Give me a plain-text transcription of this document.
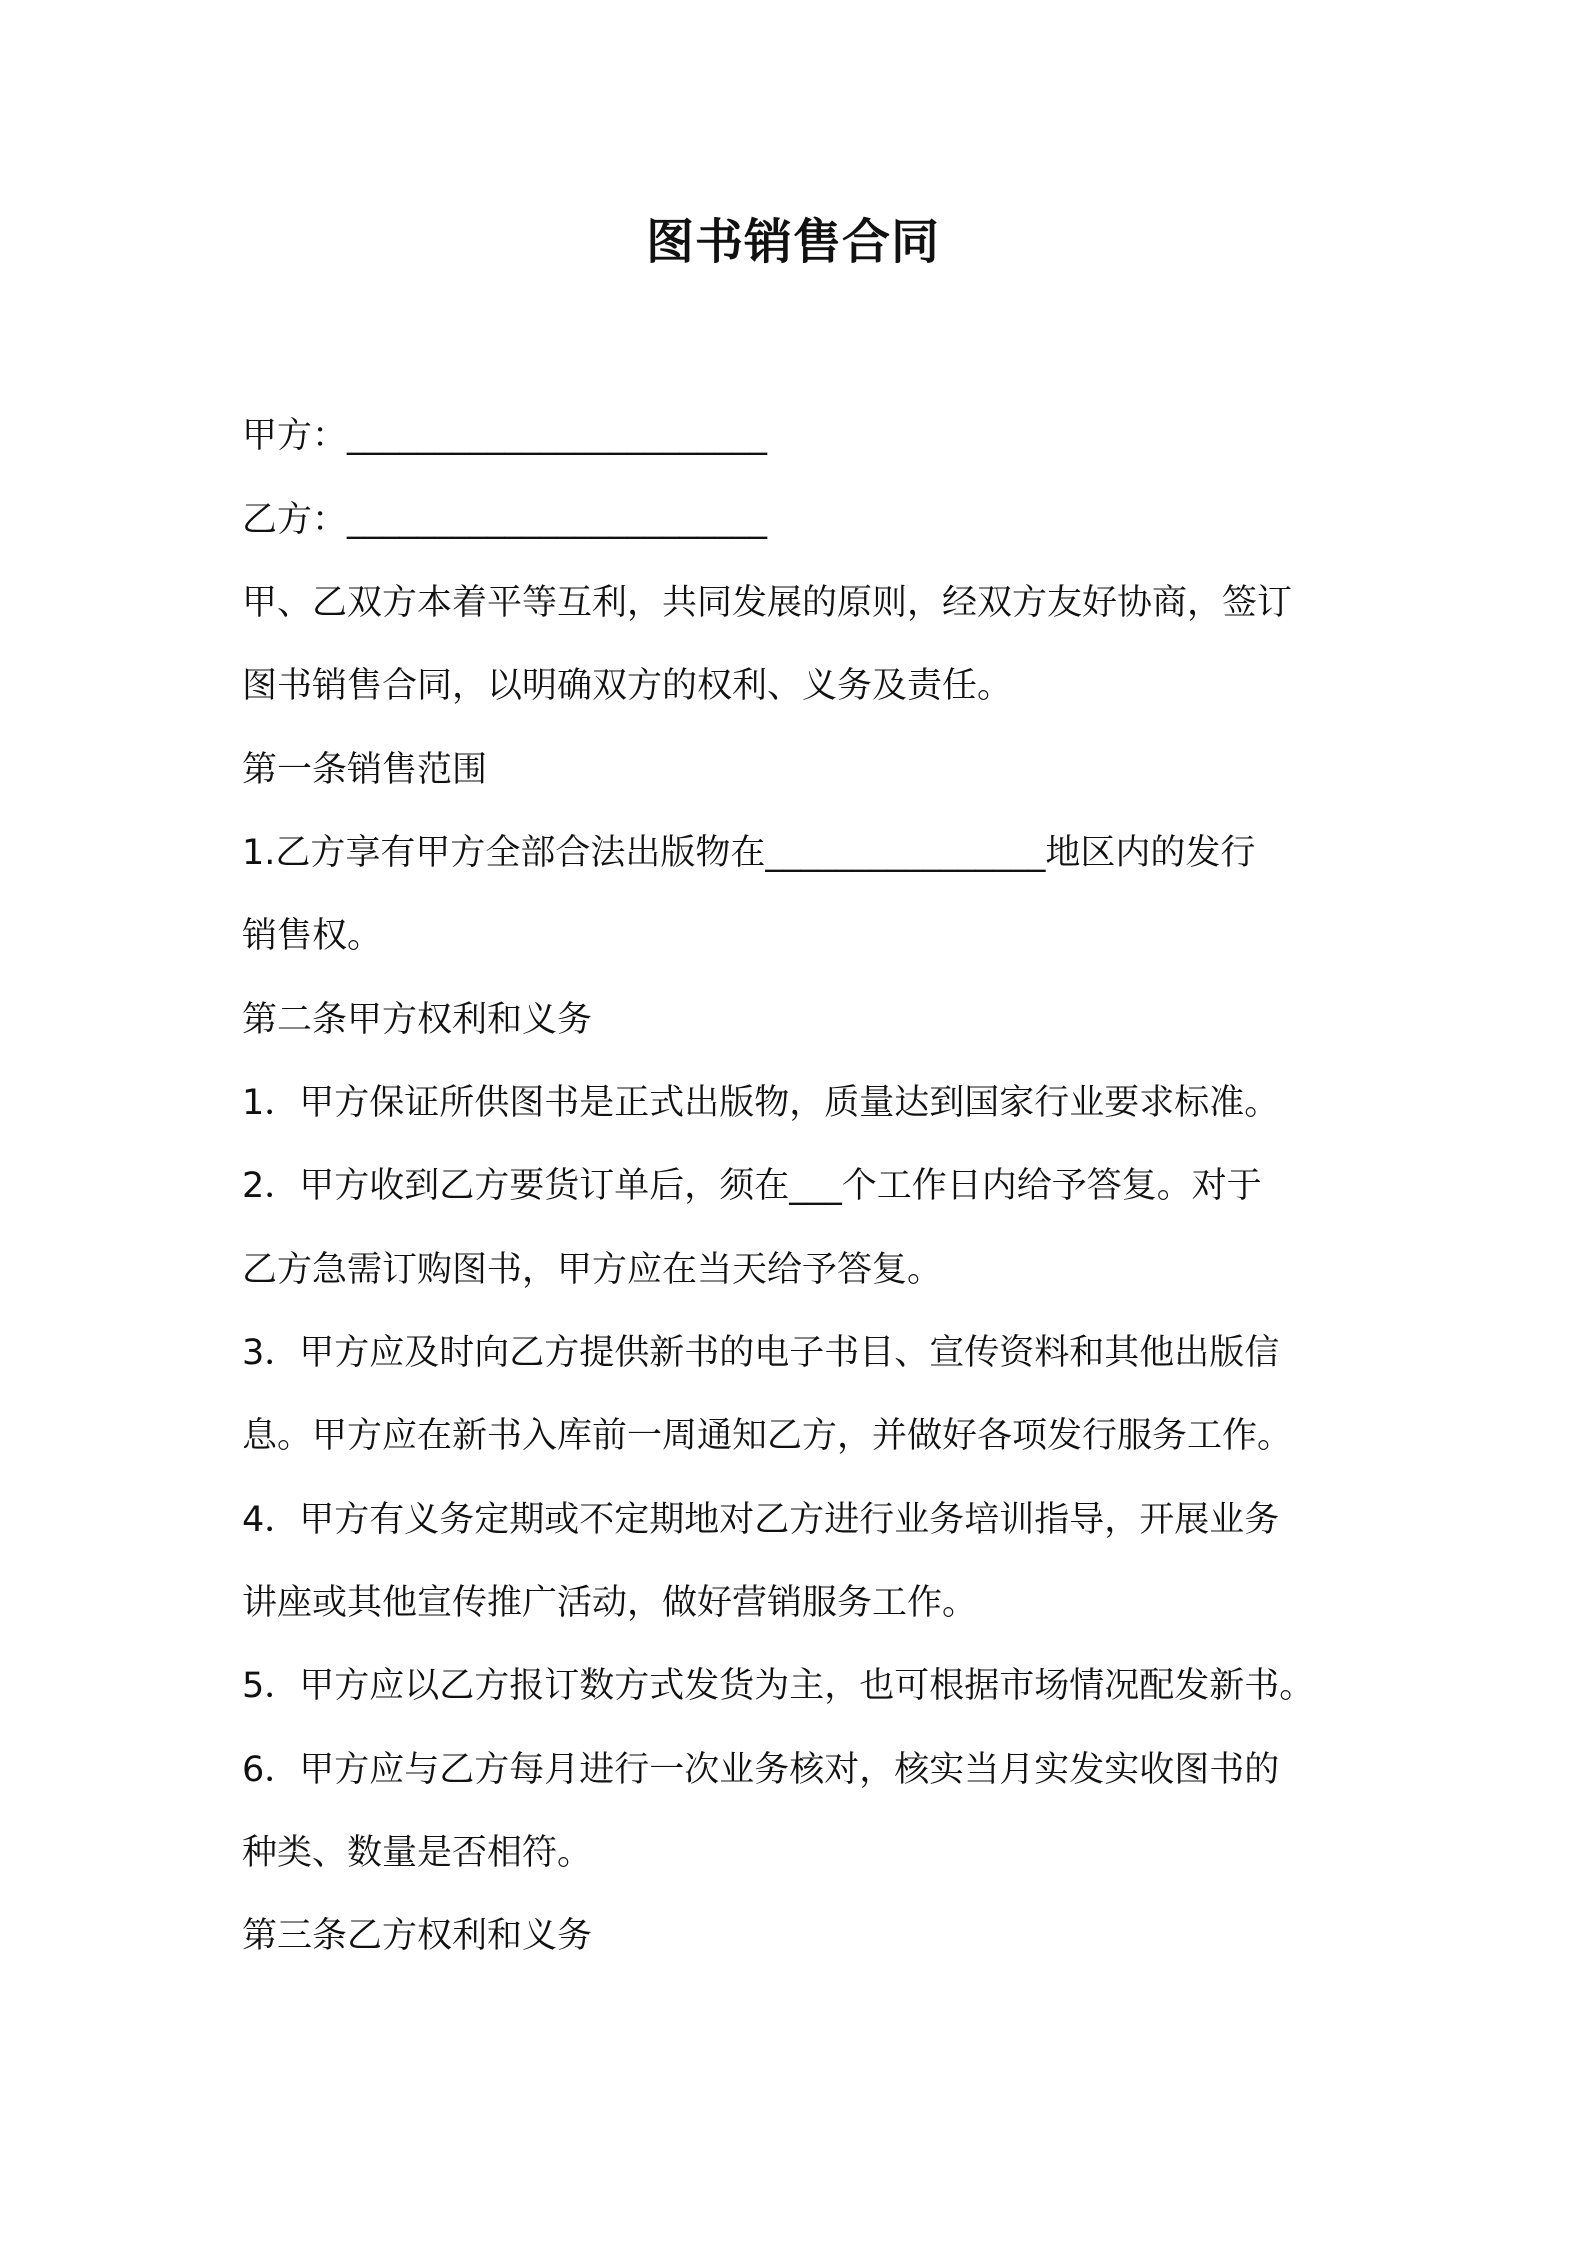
图书销售合同
甲方：________________________
乙方：________________________
甲、乙双方本着平等互利，共同发展的原则，经双方友好协商，签订
图书销售合同，以明确双方的权利、义务及责任。
第一条销售范围
1.乙方享有甲方全部合法出版物在________________地区内的发行
销售权。
第二条甲方权利和义务
1．甲方保证所供图书是正式出版物，质量达到国家行业要求标准。
2．甲方收到乙方要货订单后，须在___个工作日内给予答复。对于
乙方急需订购图书，甲方应在当天给予答复。
3．甲方应及时向乙方提供新书的电子书目、宣传资料和其他出版信
息。甲方应在新书入库前一周通知乙方，并做好各项发行服务工作。
4．甲方有义务定期或不定期地对乙方进行业务培训指导，开展业务
讲座或其他宣传推广活动，做好营销服务工作。
5．甲方应以乙方报订数方式发货为主，也可根据市场情况配发新书。
6．甲方应与乙方每月进行一次业务核对，核实当月实发实收图书的
种类、数量是否相符。
第三条乙方权利和义务
